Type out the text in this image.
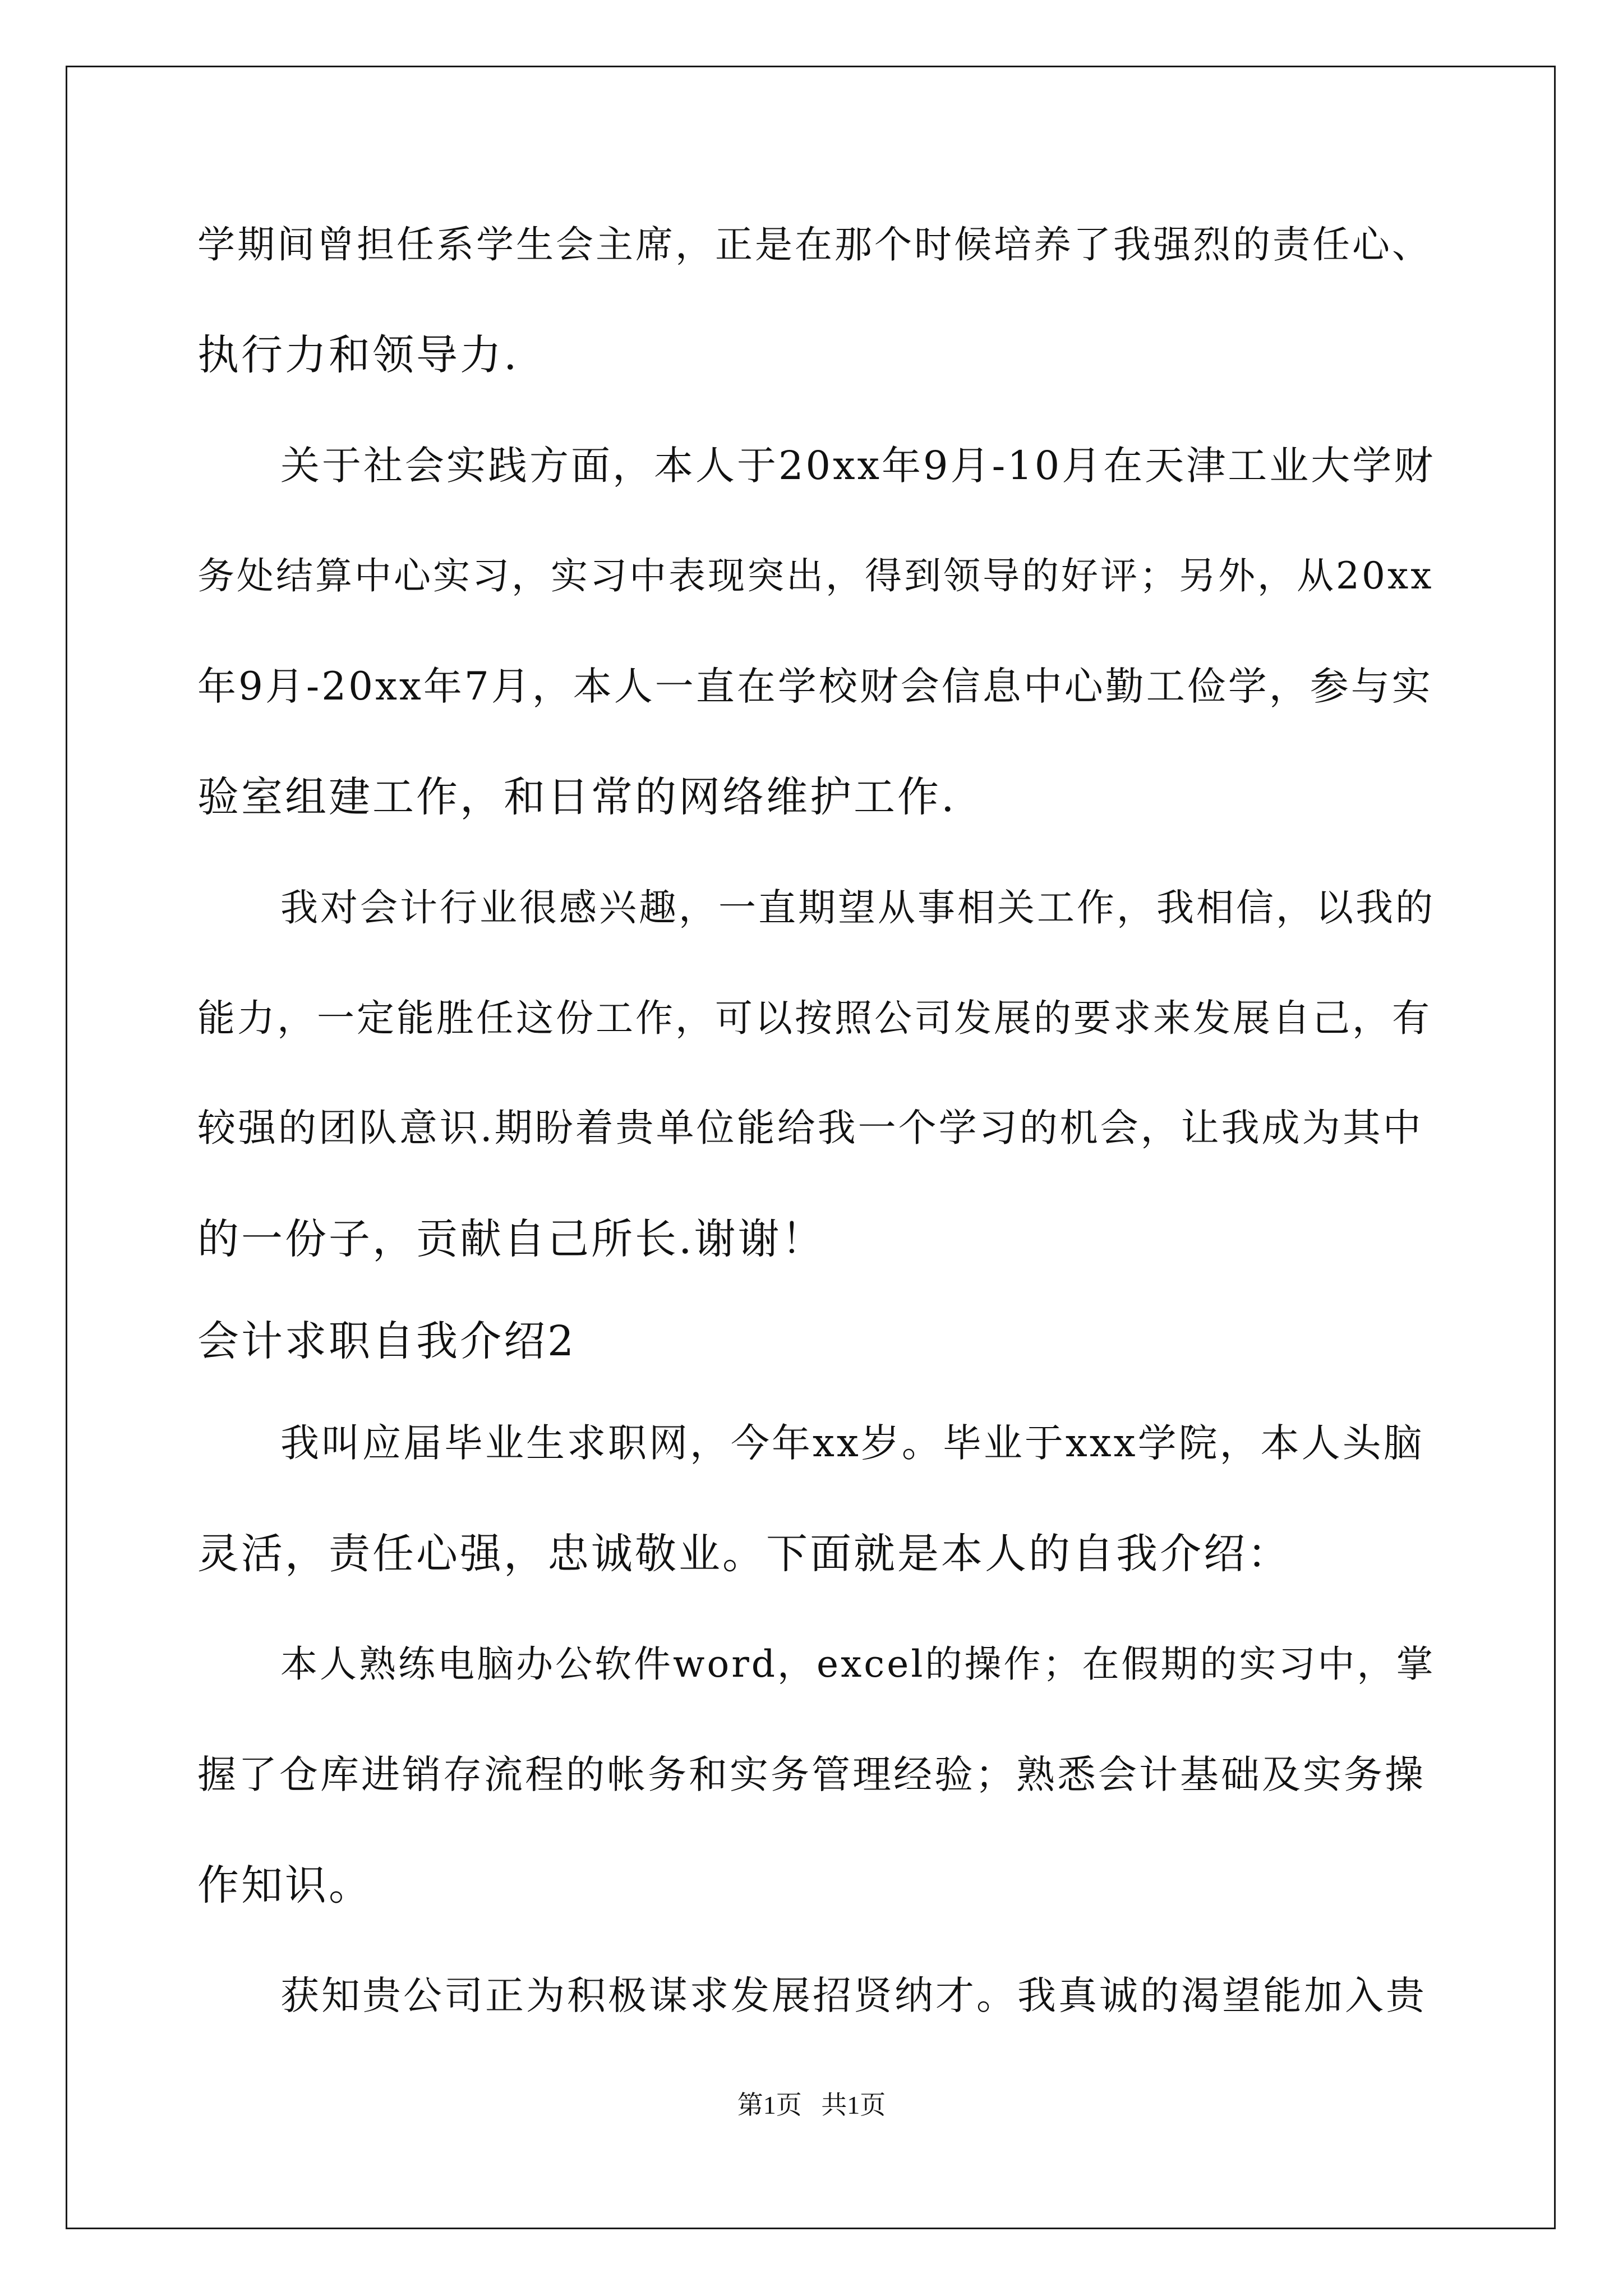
学期间曾担任系学生会主席，正是在那个时候培养了我强烈的责任心、
执行力和领导力.
关于社会实践方面，本人于20xx年9月-10月在天津工业大学财
务处结算中心实习，实习中表现突出，得到领导的好评；另外，从20xx
年9月-20xx年7月，本人一直在学校财会信息中心勤工俭学，参与实
验室组建工作，和日常的网络维护工作.
我对会计行业很感兴趣，一直期望从事相关工作，我相信，以我的
能力，一定能胜任这份工作，可以按照公司发展的要求来发展自己，有
较强的团队意识.期盼着贵单位能给我一个学习的机会，让我成为其中
的一份子，贡献自己所长.谢谢！
会计求职自我介绍2
我叫应届毕业生求职网，今年xx岁。毕业于xxx学院，本人头脑
灵活，责任心强，忠诚敬业。下面就是本人的自我介绍：
本人熟练电脑办公软件word，excel的操作；在假期的实习中，掌
握了仓库进销存流程的帐务和实务管理经验；熟悉会计基础及实务操
作知识。
获知贵公司正为积极谋求发展招贤纳才。我真诚的渴望能加入贵
第1页   共1页
